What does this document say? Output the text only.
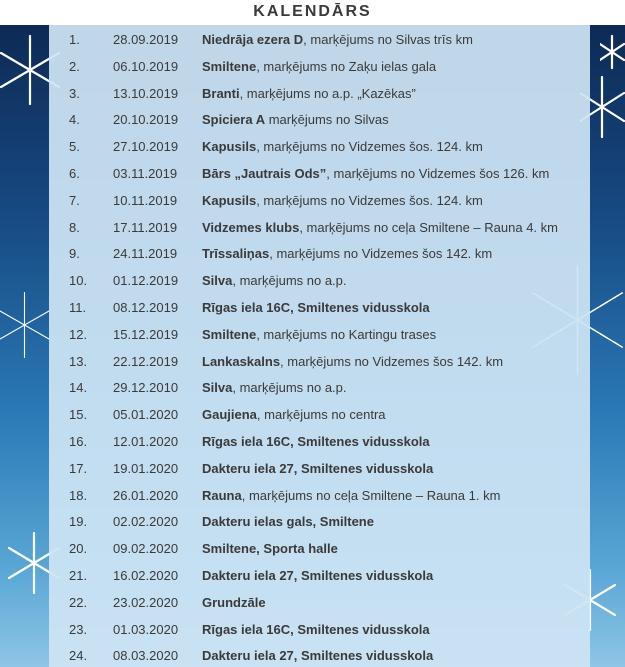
KALENDĀRS
1.	28.09.2019 Niedrāja ezera D, marķējums no Silvas trīs km
2.	06.10.2019 Smiltene, marķējums no Zaķu ielas gala
3.	13.10.2019 Branti, marķējums no a.p. „Kazēkas”
4.	20.10.2019 Spiciera A marķējums no Silvas
5.	27.10.2019 Kapusils, marķējums no Vidzemes šos. 124. km
6.	03.11.2019 Bārs „Jautrais Ods”, marķējums no Vidzemes šos 126. km
7.	10.11.2019 Kapusils, marķējums no Vidzemes šos. 124. km
8.	17.11.2019 Vidzemes klubs, marķējums no ceļa Smiltene – Rauna 4. km
9.	24.11.2019 Trīssaliņas, marķējums no Vidzemes šos 142. km
10. 01.12.2019 Silva, marķējums no a.p.
11. 08.12.2019 Rīgas iela 16C, Smiltenes vidusskola
12. 15.12.2019 Smiltene, marķējums no Kartingu trases
13. 22.12.2019 Lankaskalns, marķējums no Vidzemes šos 142. km
14. 29.12.2010 Silva, marķējums no a.p.
15. 05.01.2020 Gaujiena, marķējums no centra
16. 12.01.2020 Rīgas iela 16C, Smiltenes vidusskola
17. 19.01.2020 Dakteru iela 27, Smiltenes vidusskola
18. 26.01.2020 Rauna, marķējums no ceļa Smiltene – Rauna 1. km
19. 02.02.2020 Dakteru ielas gals, Smiltene
20. 09.02.2020 Smiltene, Sporta halle
21. 16.02.2020 Dakteru iela 27, Smiltenes vidusskola
22. 23.02.2020 Grundzāle
23. 01.03.2020 Rīgas iela 16C, Smiltenes vidusskola
24. 08.03.2020 Dakteru iela 27, Smiltenes vidusskola
